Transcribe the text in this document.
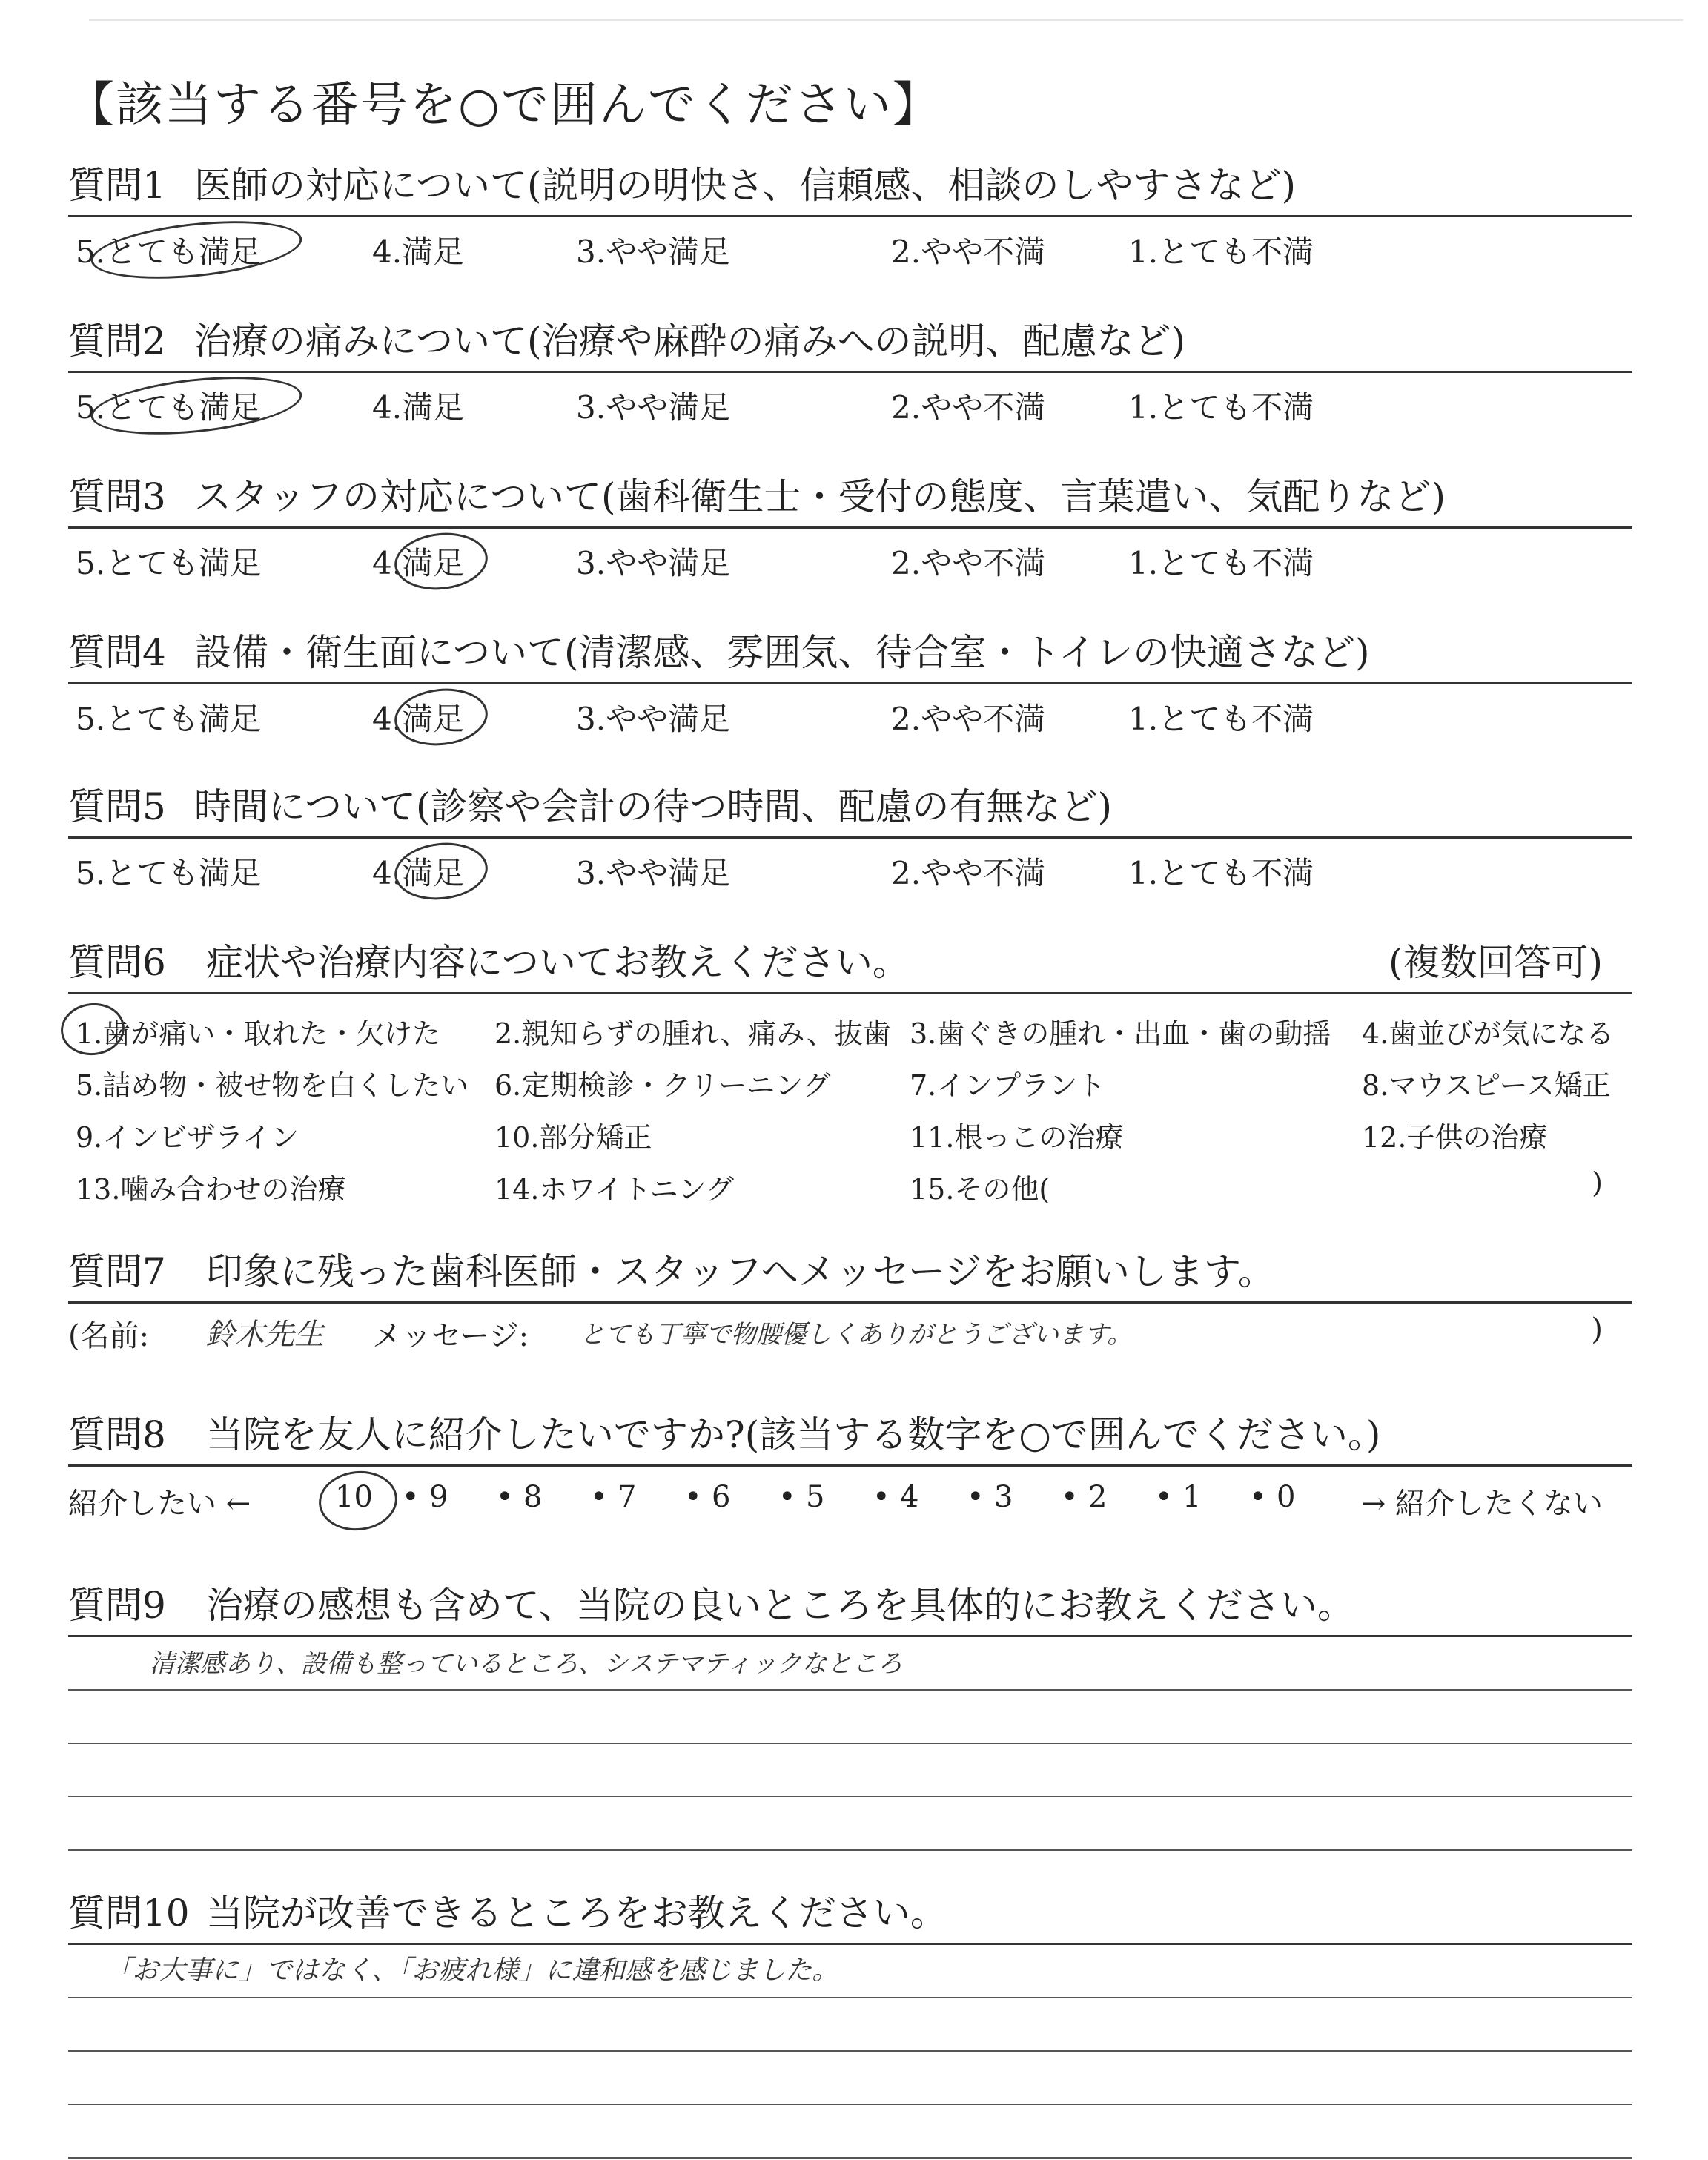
【該当する番号を○で囲んでください】
質問1 医師の対応について(説明の明快さ、信頼感、相談のしやすさなど)
5.とても満足	4.満足	3.やや満足	2.やや不満	1.とても不満
質問2 治療の痛みについて(治療や麻酔の痛みへの説明、配慮など)
5.とても満足	4.満足	3.やや満足	2.やや不満	1.とても不満
質問3 スタッフの対応について(歯科衛生士・受付の態度、言葉遣い、気配りなど)
5.とても満足	4.満足	3.やや満足	2.やや不満	1.とても不満
質問4 設備・衛生面について(清潔感、雰囲気、待合室・トイレの快適さなど)
5.とても満足	4.満足	3.やや満足	2.やや不満	1.とても不満
質問5 時間について(診察や会計の待つ時間、配慮の有無など)
5.とても満足	4.満足	3.やや満足	2.やや不満	1.とても不満
質問6 症状や治療内容についてお教えください。	(複数回答可)
1.歯が痛い・取れた・欠けた 2.親知らずの腫れ、痛み、抜歯 3.歯ぐきの腫れ・出血・歯の動揺 4.歯並びが気になる
5.詰め物・被せ物を白くしたい 6.定期検診・クリーニング	7.インプラント	8.マウスピース矯正
9.インビザライン	10.部分矯正	11.根っこの治療	12.子供の治療
13.噛み合わせの治療	14.ホワイトニング	15.その他(	)
質問7 印象に残った歯科医師・スタッフへメッセージをお願いします。
(名前: 鈴木先生 メッセージ: とても丁寧で物腰優しくありがとうございます。	)
質問8 当院を友人に紹介したいですか?(該当する数字を○で囲んでください。)
紹介したい ←	→ 紹介したくない
10 • 9 • 8 • 7 • 6 • 5 • 4 • 3 • 2 • 1 • 0
質問9 治療の感想も含めて、当院の良いところを具体的にお教えください。
清潔感あり、設備も整っているところ、システマティックなところ
質問10 当院が改善できるところをお教えください。
「お大事に」ではなく、「お疲れ様」に違和感を感じました。
